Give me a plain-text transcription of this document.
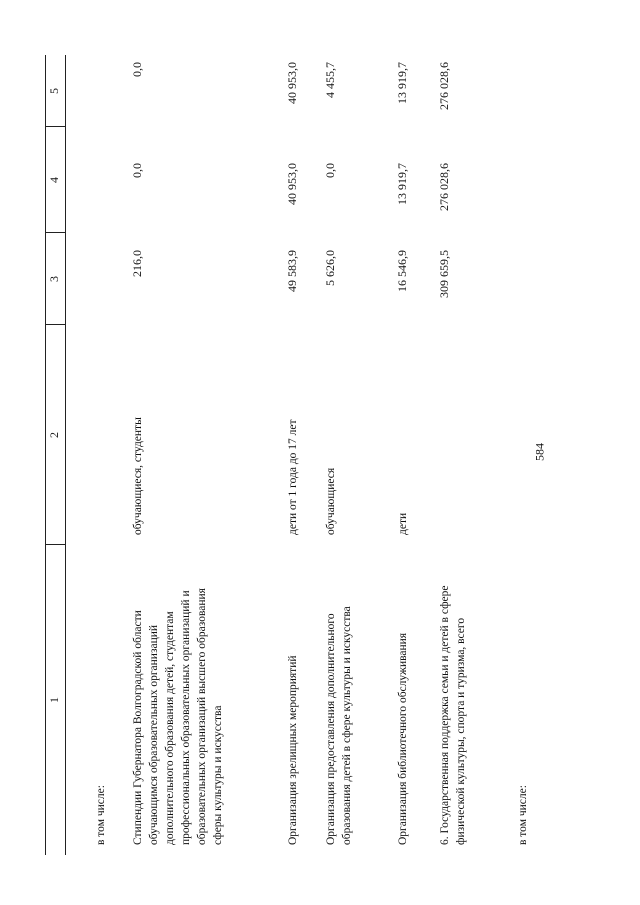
584
1
2
3
4
5
в том числе: Стипендии Губернатора Волгоградской области обучающимся образовательных организаций дополнительного образования детей, студентам профессиональных образовательных организаций и образовательных организаций высшего образования сферы культуры и искусства
обучающиеся, студенты
216,0
0,0
0,0
Организация зрелищных мероприятий
дети от 1 года до 17 лет
49 583,9
40 953,0
40 953,0
Организация предоставления дополнительного образования детей в сфере культуры и искусства
обучающиеся
5 626,0
0,0
4 455,7
Организация библиотечного обслуживания
дети
16 546,9
13 919,7
13 919,7
6. Государственная поддержка семьи и детей в сфере физической культуры, спорта и туризма, всего
309 659,5
276 028,6
276 028,6
в том числе:
